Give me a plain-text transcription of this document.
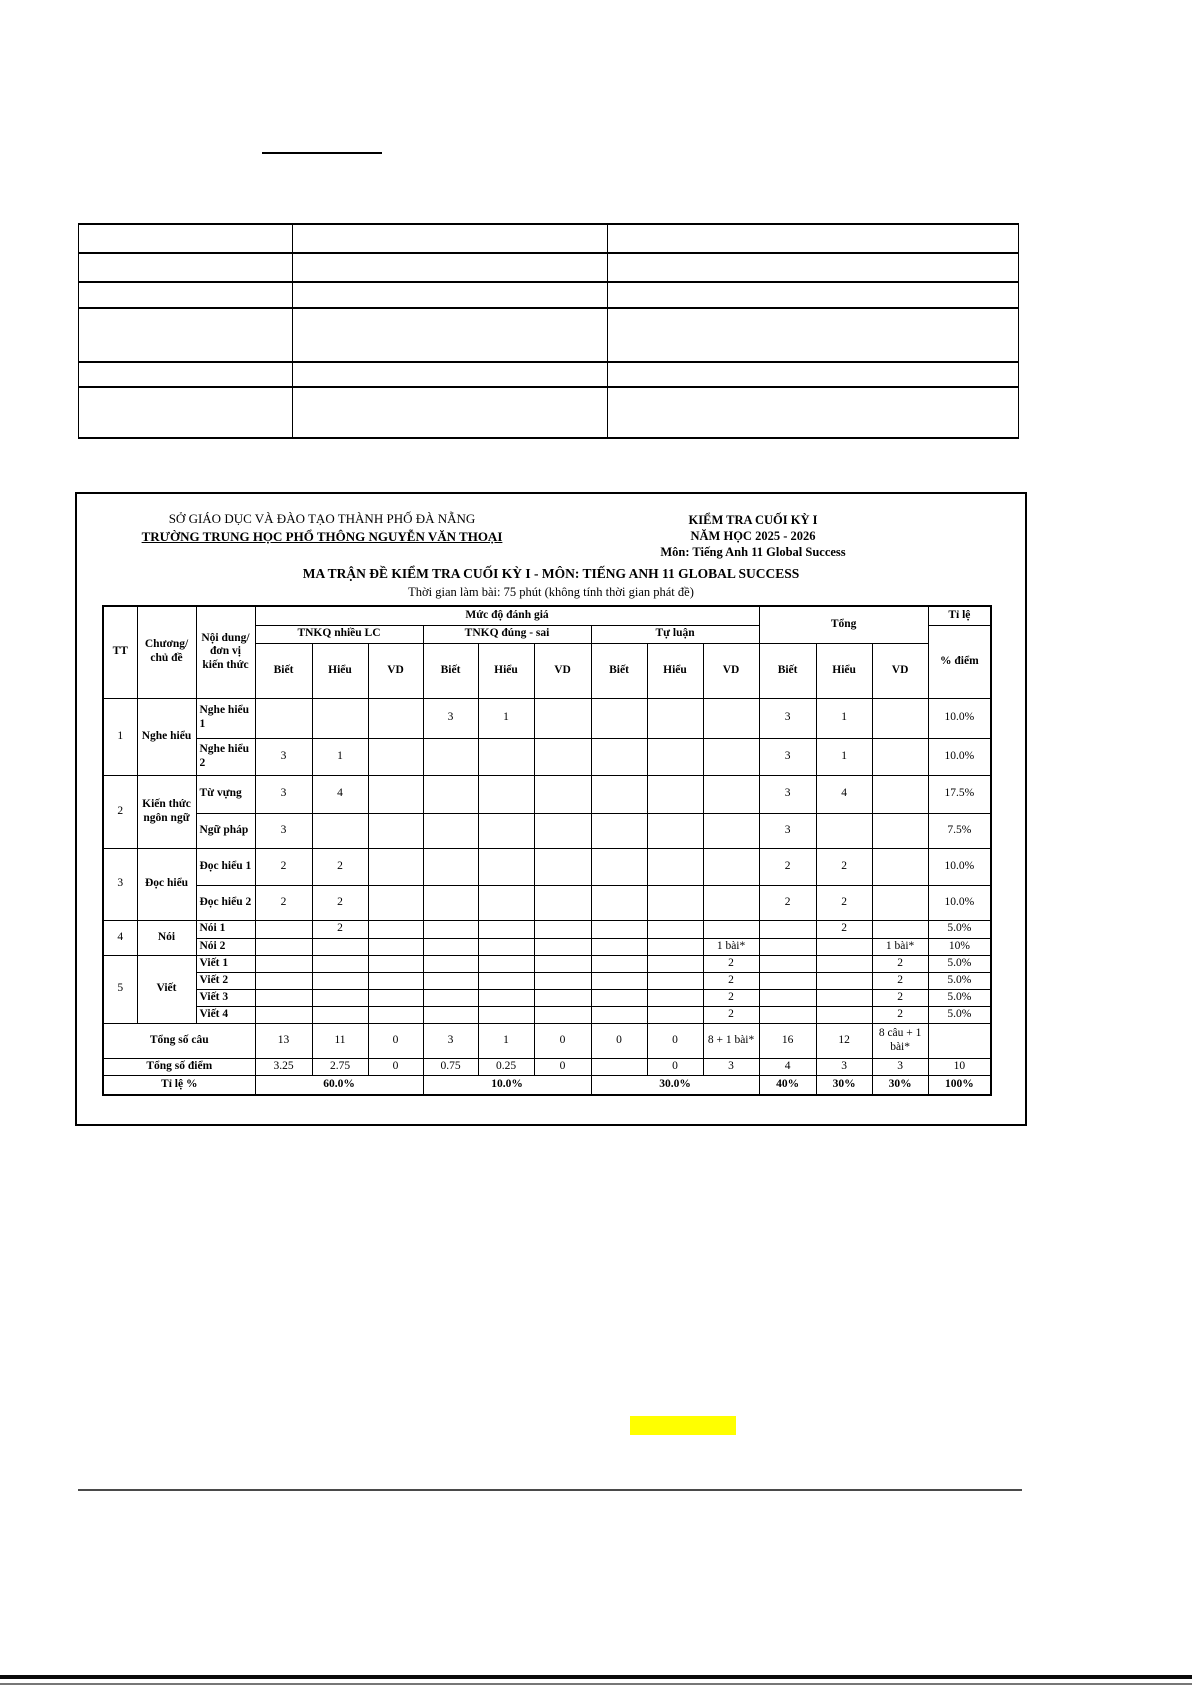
SỞ GIÁO DỤC VÀ ĐÀO TẠO THÀNH PHỐ ĐÀ NẴNG
TRƯỜNG TRUNG HỌC PHỔ THÔNG NGUYỄN VĂN THOẠI
KIỂM TRA CUỐI KỲ I
NĂM HỌC 2025 - 2026
Môn: Tiếng Anh 11 Global Success
MA TRẬN ĐỀ KIỂM TRA CUỐI KỲ I - MÔN: TIẾNG ANH 11 GLOBAL SUCCESS
Thời gian làm bài: 75 phút (không tính thời gian phát đề)
TT	Chương/ chủ đề	Nội dung/ đơn vị kiến thức	Mức độ đánh giá									Tổng			Tỉ lệ
			TNKQ nhiều LC			TNKQ đúng - sai			Tự luận						% điểm
			Biết	Hiểu	VD	Biết	Hiểu	VD	Biết	Hiểu	VD	Biết	Hiểu	VD	
1	Nghe hiểu	Nghe hiểu 1				3	1					3	1		10.0%
		Nghe hiểu 2	3	1								3	1		10.0%
2	Kiến thức ngôn ngữ	Từ vựng	3	4								3	4		17.5%
		Ngữ pháp	3									3			7.5%
3	Đọc hiểu	Đọc hiểu 1	2	2								2	2		10.0%
		Đọc hiểu 2	2	2								2	2		10.0%
4	Nói	Nói 1		2									2		5.0%
		Nói 2									1 bài*			1 bài*	10%
5	Viết	Viết 1									2			2	5.0%
		Viết 2									2			2	5.0%
		Viết 3									2			2	5.0%
		Viết 4									2			2	5.0%
Tổng số câu			13	11	0	3	1	0	0	0	8 + 1 bài*	16	12	8 câu + 1 bài*	
Tổng số điểm			3.25	2.75	0	0.75	0.25	0		0	3	4	3	3	10
Tỉ lệ %			60.0%			10.0%			30.0%			40%	30%	30%	100%
